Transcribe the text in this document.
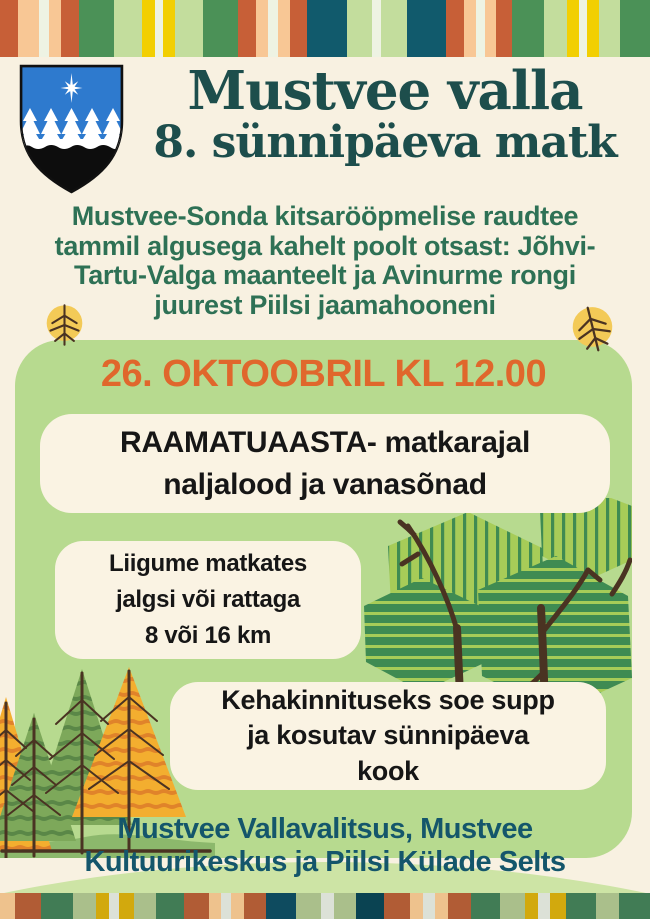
Mustvee valla
8. sünnipäeva matk
Mustvee-Sonda kitsarööpmelise raudtee
tammil algusega kahelt poolt otsast: Jõhvi-
Tartu-Valga maanteelt ja Avinurme rongi
juurest Piilsi jaamahooneni
26. OKTOOBRIL KL 12.00
RAAMATUAASTA- matkarajal
naljalood ja vanasõnad
Liigume matkates
jalgsi või rattaga
8 või 16 km
Kehakinnituseks soe supp
ja kosutav sünnipäeva
kook
Mustvee Vallavalitsus, Mustvee
Kultuurikeskus ja Piilsi Külade Selts
